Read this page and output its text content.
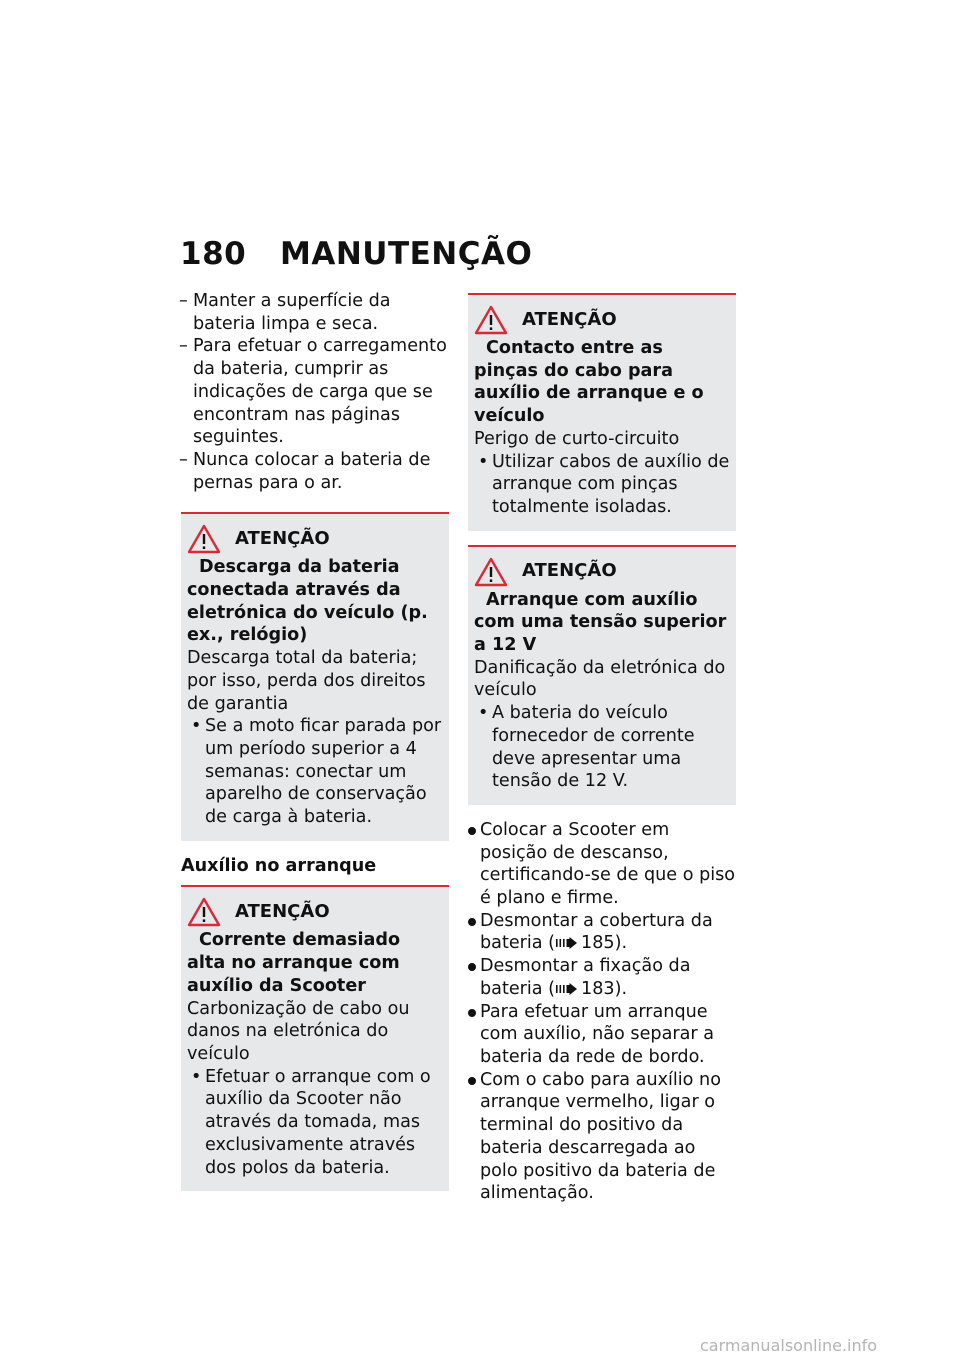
180 MANUTENÇÃO
– Manter a superfície da bateria limpa e seca.
– Para efetuar o carregamento da bateria, cumprir as indicações de carga que se encontram nas páginas seguintes.
– Nunca colocar a bateria de pernas para o ar.
ATENÇÃO
Descarga da bateria conectada através da eletrónica do veículo (p. ex., relógio)
Descarga total da bateria; por isso, perda dos direitos de garantia
• Se a moto ficar parada por um período superior a 4 semanas: conectar um aparelho de conservação de carga à bateria.
Auxílio no arranque
ATENÇÃO
Corrente demasiado alta no arranque com auxílio da Scooter
Carbonização de cabo ou danos na eletrónica do veículo
• Efetuar o arranque com o auxílio da Scooter não através da tomada, mas exclusivamente através dos polos da bateria.
ATENÇÃO
Contacto entre as pinças do cabo para auxílio de arranque e o veículo
Perigo de curto-circuito
• Utilizar cabos de auxílio de arranque com pinças totalmente isoladas.
ATENÇÃO
Arranque com auxílio com uma tensão superior a 12 V
Danificação da eletrónica do veículo
• A bateria do veículo fornecedor de corrente deve apresentar uma tensão de 12 V.
Colocar a Scooter em posição de descanso, certificando-se de que o piso é plano e firme.
Desmontar a cobertura da bateria ( 185).
Desmontar a fixação da bateria ( 183).
Para efetuar um arranque com auxílio, não separar a bateria da rede de bordo.
Com o cabo para auxílio no arranque vermelho, ligar o terminal do positivo da bateria descarregada ao polo positivo da bateria de alimentação.
carmanualsonline.info
